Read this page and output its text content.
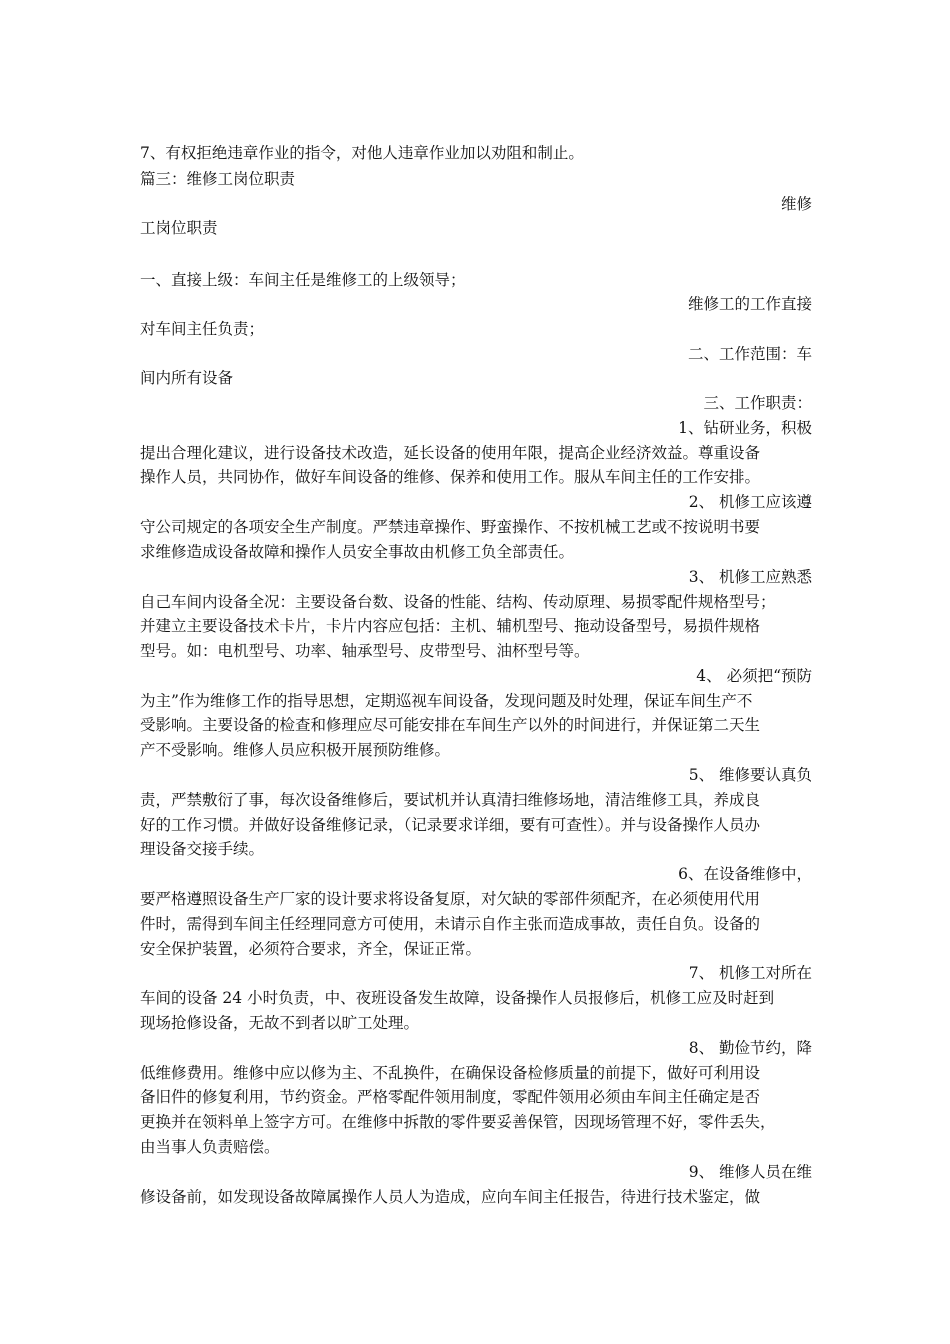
7、有权拒绝违章作业的指令，对他人违章作业加以劝阻和制止。
篇三：维修工岗位职责
维修
工岗位职责
一、直接上级：车间主任是维修工的上级领导；
维修工的工作直接
对车间主任负责；
二、工作范围：车
间内所有设备
三、工作职责：
1、钻研业务，积极
提出合理化建议，进行设备技术改造，延长设备的使用年限，提高企业经济效益。尊重设备
操作人员，共同协作，做好车间设备的维修、保养和使用工作。服从车间主任的工作安排。
2、 机修工应该遵
守公司规定的各项安全生产制度。严禁违章操作、野蛮操作、不按机械工艺或不按说明书要
求维修造成设备故障和操作人员安全事故由机修工负全部责任。
3、 机修工应熟悉
自己车间内设备全况：主要设备台数、设备的性能、结构、传动原理、易损零配件规格型号；
并建立主要设备技术卡片，卡片内容应包括：主机、辅机型号、拖动设备型号，易损件规格
型号。如：电机型号、功率、轴承型号、皮带型号、油杯型号等。
4、 必须把“预防
为主”作为维修工作的指导思想，定期巡视车间设备，发现问题及时处理，保证车间生产不
受影响。主要设备的检查和修理应尽可能安排在车间生产以外的时间进行，并保证第二天生
产不受影响。维修人员应积极开展预防维修。
5、 维修要认真负
责，严禁敷衍了事，每次设备维修后，要试机并认真清扫维修场地，清洁维修工具，养成良
好的工作习惯。并做好设备维修记录，（记录要求详细，要有可查性）。并与设备操作人员办
理设备交接手续。
6、在设备维修中，
要严格遵照设备生产厂家的设计要求将设备复原，对欠缺的零部件须配齐，在必须使用代用
件时，需得到车间主任经理同意方可使用，未请示自作主张而造成事故，责任自负。设备的
安全保护装置，必须符合要求，齐全，保证正常。
7、 机修工对所在
车间的设备 24 小时负责，中、夜班设备发生故障，设备操作人员报修后，机修工应及时赶到
现场抢修设备，无故不到者以旷工处理。
8、 勤俭节约，降
低维修费用。维修中应以修为主、不乱换件，在确保设备检修质量的前提下，做好可利用设
备旧件的修复利用，节约资金。严格零配件领用制度，零配件领用必须由车间主任确定是否
更换并在领料单上签字方可。在维修中拆散的零件要妥善保管，因现场管理不好，零件丢失，
由当事人负责赔偿。
9、 维修人员在维
修设备前，如发现设备故障属操作人员人为造成，应向车间主任报告，待进行技术鉴定，做
